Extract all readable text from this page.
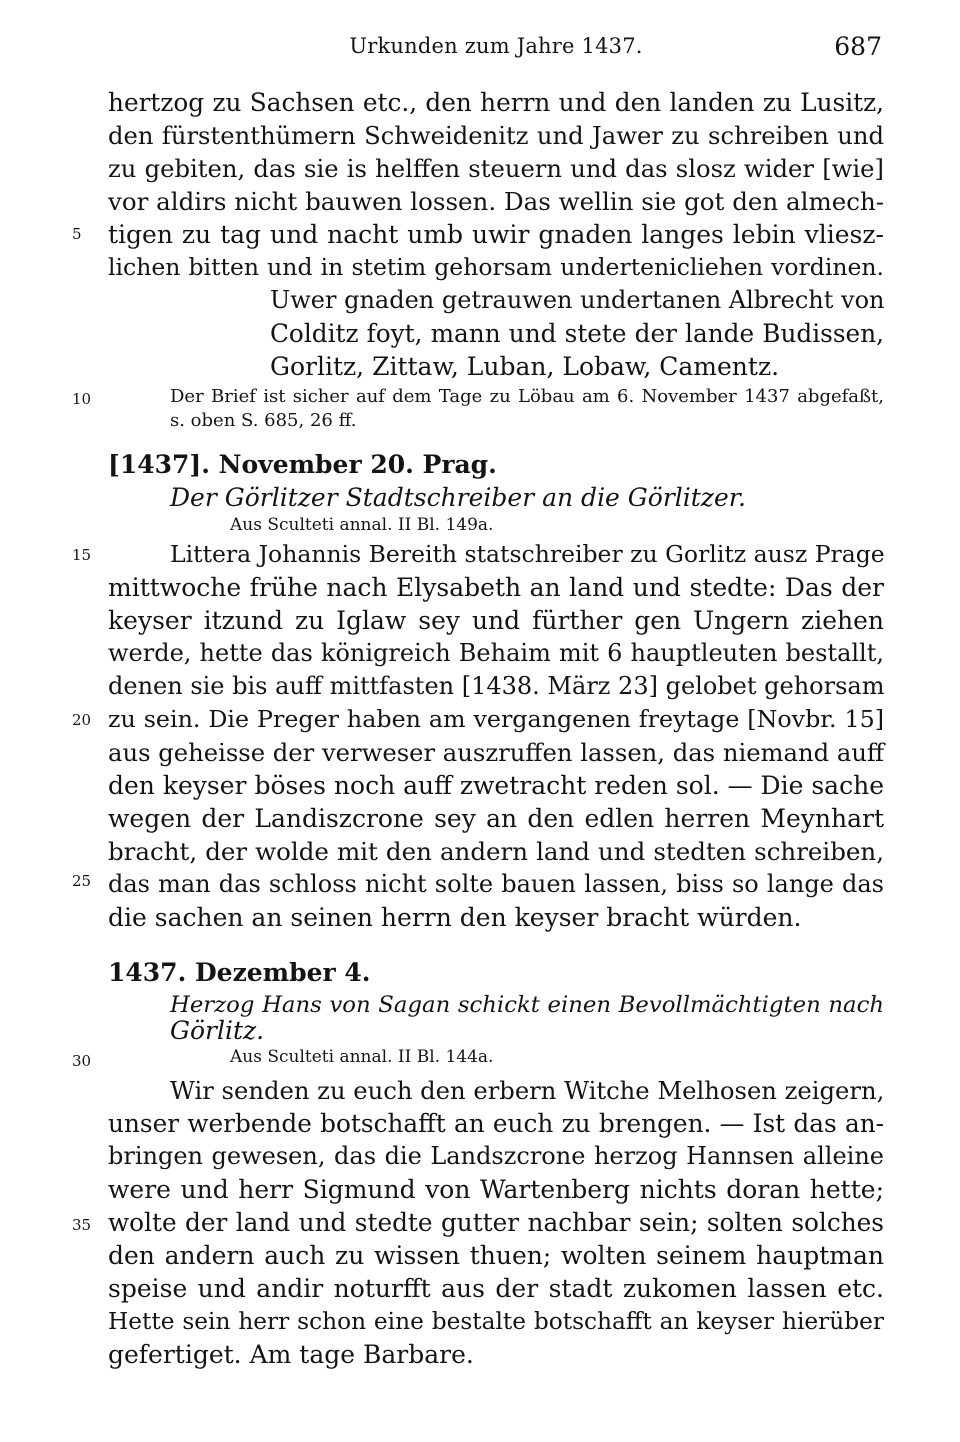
Urkunden zum Jahre 1437.	687
5
10
15
20
25
30
35
hertzog zu Sachsen etc., den herrn und den landen zu Lusitz,
den fürstenthümern Schweidenitz und Jawer zu schreiben und
zu gebiten, das sie is helffen steuern und das slosz wider [wie]
vor aldirs nicht bauwen lossen. Das wellin sie got den almech-
tigen zu tag und nacht umb uwir gnaden langes lebin vliesz-
lichen bitten und in stetim gehorsam undertenicliehen vordinen.
Uwer gnaden getrauwen undertanen Albrecht von
Colditz foyt, mann und stete der lande Budissen,
Gorlitz, Zittaw, Luban, Lobaw, Camentz.
Der Brief ist sicher auf dem Tage zu Löbau am 6. November 1437 abgefaßt,
s. oben S. 685, 26 ff.
[1437]. November 20. Prag.
Der Görlitzer Stadtschreiber an die Görlitzer.
Aus Sculteti annal. II Bl. 149a.
Littera Johannis Bereith statschreiber zu Gorlitz ausz Prage
mittwoche frühe nach Elysabeth an land und stedte: Das der
keyser itzund zu Iglaw sey und fürther gen Ungern ziehen
werde, hette das königreich Behaim mit 6 hauptleuten bestallt,
denen sie bis auff mittfasten [1438. März 23] gelobet gehorsam
zu sein. Die Preger haben am vergangenen freytage [Novbr. 15]
aus geheisse der verweser auszruffen lassen, das niemand auff
den keyser böses noch auff zwetracht reden sol. — Die sache
wegen der Landiszcrone sey an den edlen herren Meynhart
bracht, der wolde mit den andern land und stedten schreiben,
das man das schloss nicht solte bauen lassen, biss so lange das
die sachen an seinen herrn den keyser bracht würden.
1437. Dezember 4.
Herzog Hans von Sagan schickt einen Bevollmächtigten nach
Görlitz.
Aus Sculteti annal. II Bl. 144a.
Wir senden zu euch den erbern Witche Melhosen zeigern,
unser werbende botschafft an euch zu brengen. — Ist das an-
bringen gewesen, das die Landszcrone herzog Hannsen alleine
were und herr Sigmund von Wartenberg nichts doran hette;
wolte der land und stedte gutter nachbar sein; solten solches
den andern auch zu wissen thuen; wolten seinem hauptman
speise und andir noturfft aus der stadt zukomen lassen etc.
Hette sein herr schon eine bestalte botschafft an keyser hierüber
gefertiget. Am tage Barbare.
